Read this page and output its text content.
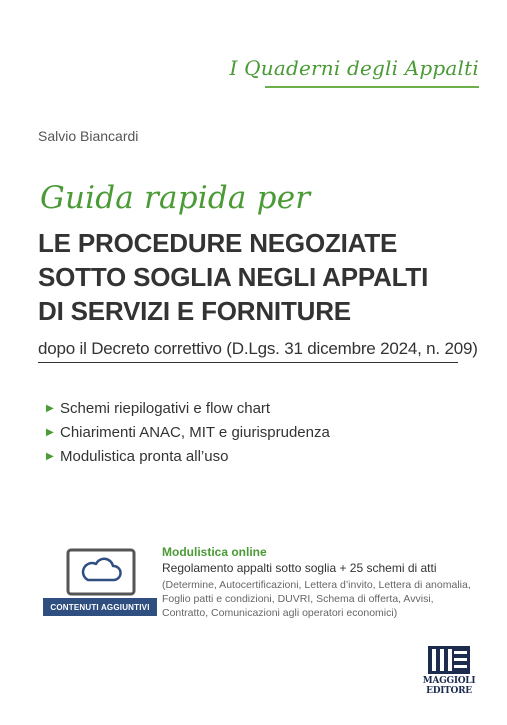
I Quaderni degli Appalti
Salvio Biancardi
Guida rapida per
LE PROCEDURE NEGOZIATE
SOTTO SOGLIA NEGLI APPALTI
DI SERVIZI E FORNITURE
dopo il Decreto correttivo (D.Lgs. 31 dicembre 2024, n. 209)
▶ Schemi riepilogativi e flow chart
▶ Chiarimenti ANAC, MIT e giurisprudenza
▶ Modulistica pronta all’uso
CONTENUTI AGGIUNTIVI
Modulistica online
Regolamento appalti sotto soglia + 25 schemi di atti
(Determine, Autocertificazioni, Lettera d’invito, Lettera di anomalia,
Foglio patti e condizioni, DUVRI, Schema di offerta, Avvisi,
Contratto, Comunicazioni agli operatori economici)
MAGGIOLI
EDITORE
